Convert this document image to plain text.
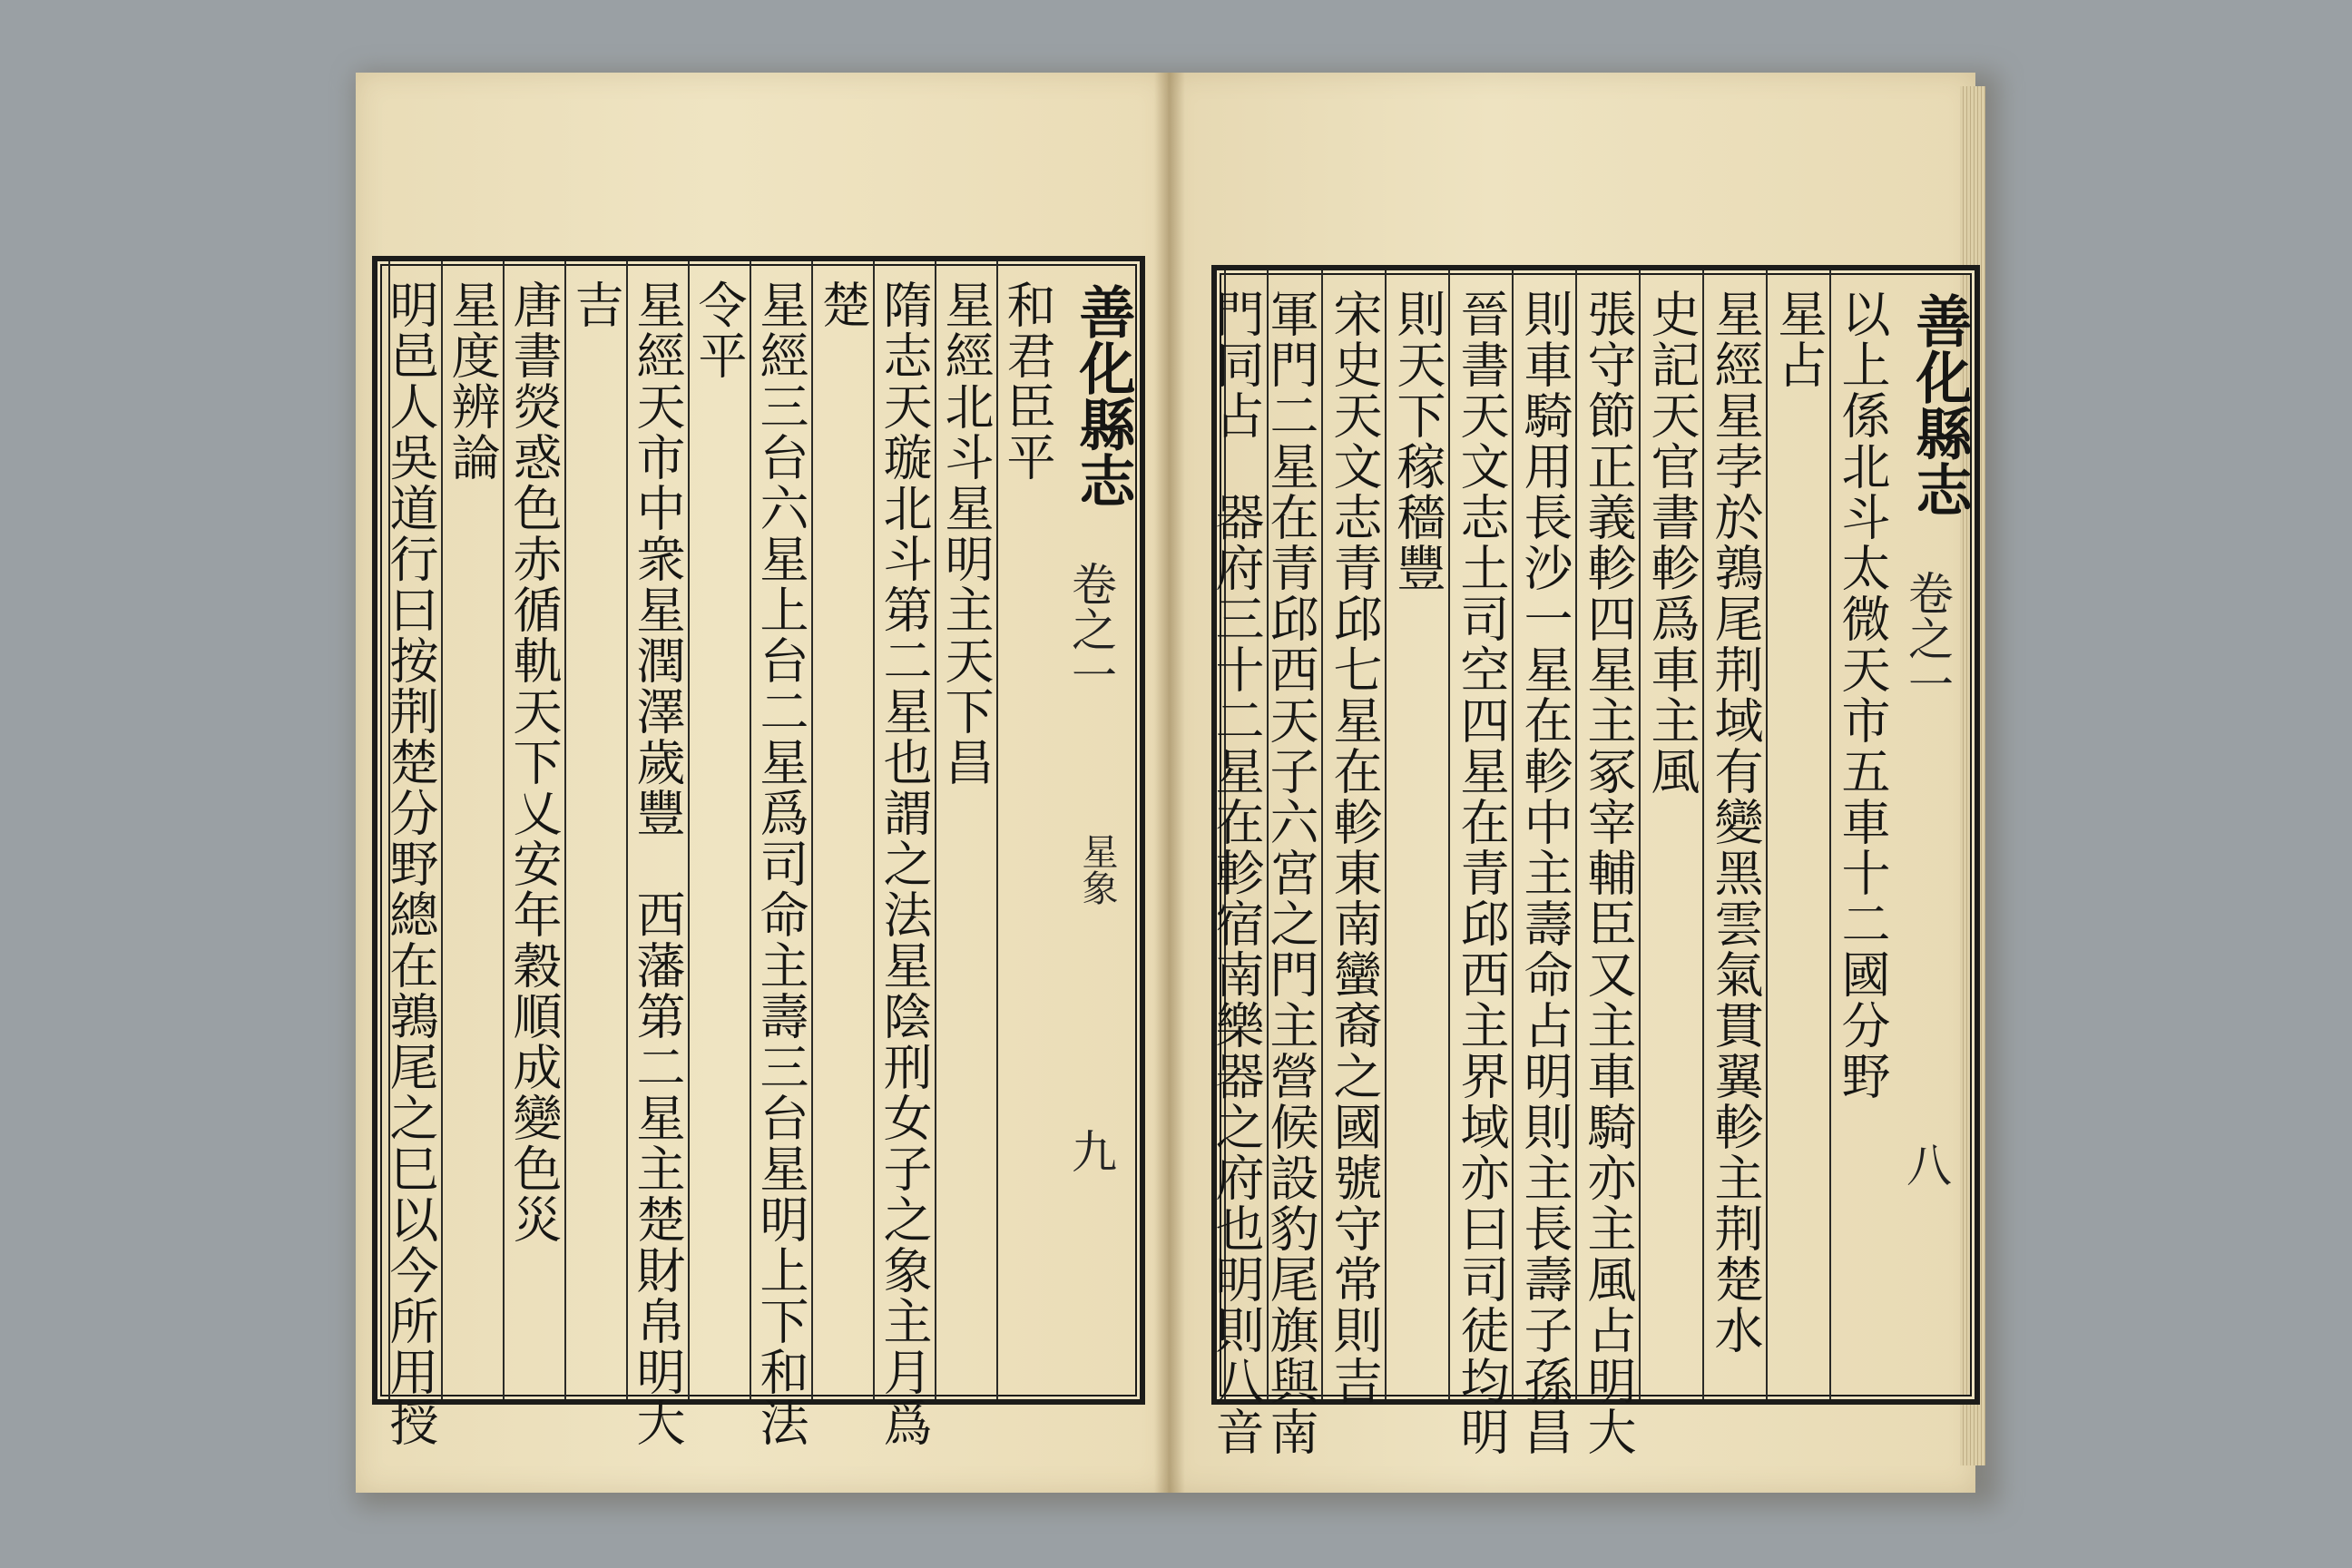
善化縣志
卷之一
星象
九
和君臣平
星經北斗星明主天下昌
隋志天璇北斗第二星也謂之法星陰刑女子之象主月爲
楚
星經三台六星上台二星爲司命主壽三台星明上下和法
令平
星經天市中衆星潤澤歲豐　西藩第二星主楚財帛明大
吉
唐書熒惑色赤循軌天下乂安年穀順成變色災
星度辨論
明邑人吳道行曰按荆楚分野總在鶉尾之巳以今所用授	善化縣志
卷之一
八
以上係北斗太微天市五車十二國分野
星占
星經星孛於鶉尾荆域有變黑雲氣貫翼軫主荆楚水
史記天官書軫爲車主風
張守節正義軫四星主冢宰輔臣又主車騎亦主風占明大
則車騎用長沙一星在軫中主壽命占明則主長壽子孫昌
晉書天文志土司空四星在青邱西主界域亦曰司徒均明
則天下稼穡豐
宋史天文志青邱七星在軫東南蠻裔之國號守常則吉
軍門二星在青邱西天子六宮之門主營候設豹尾旗與南
門同占　器府三十二星在軫宿南樂器之府也明則八音
